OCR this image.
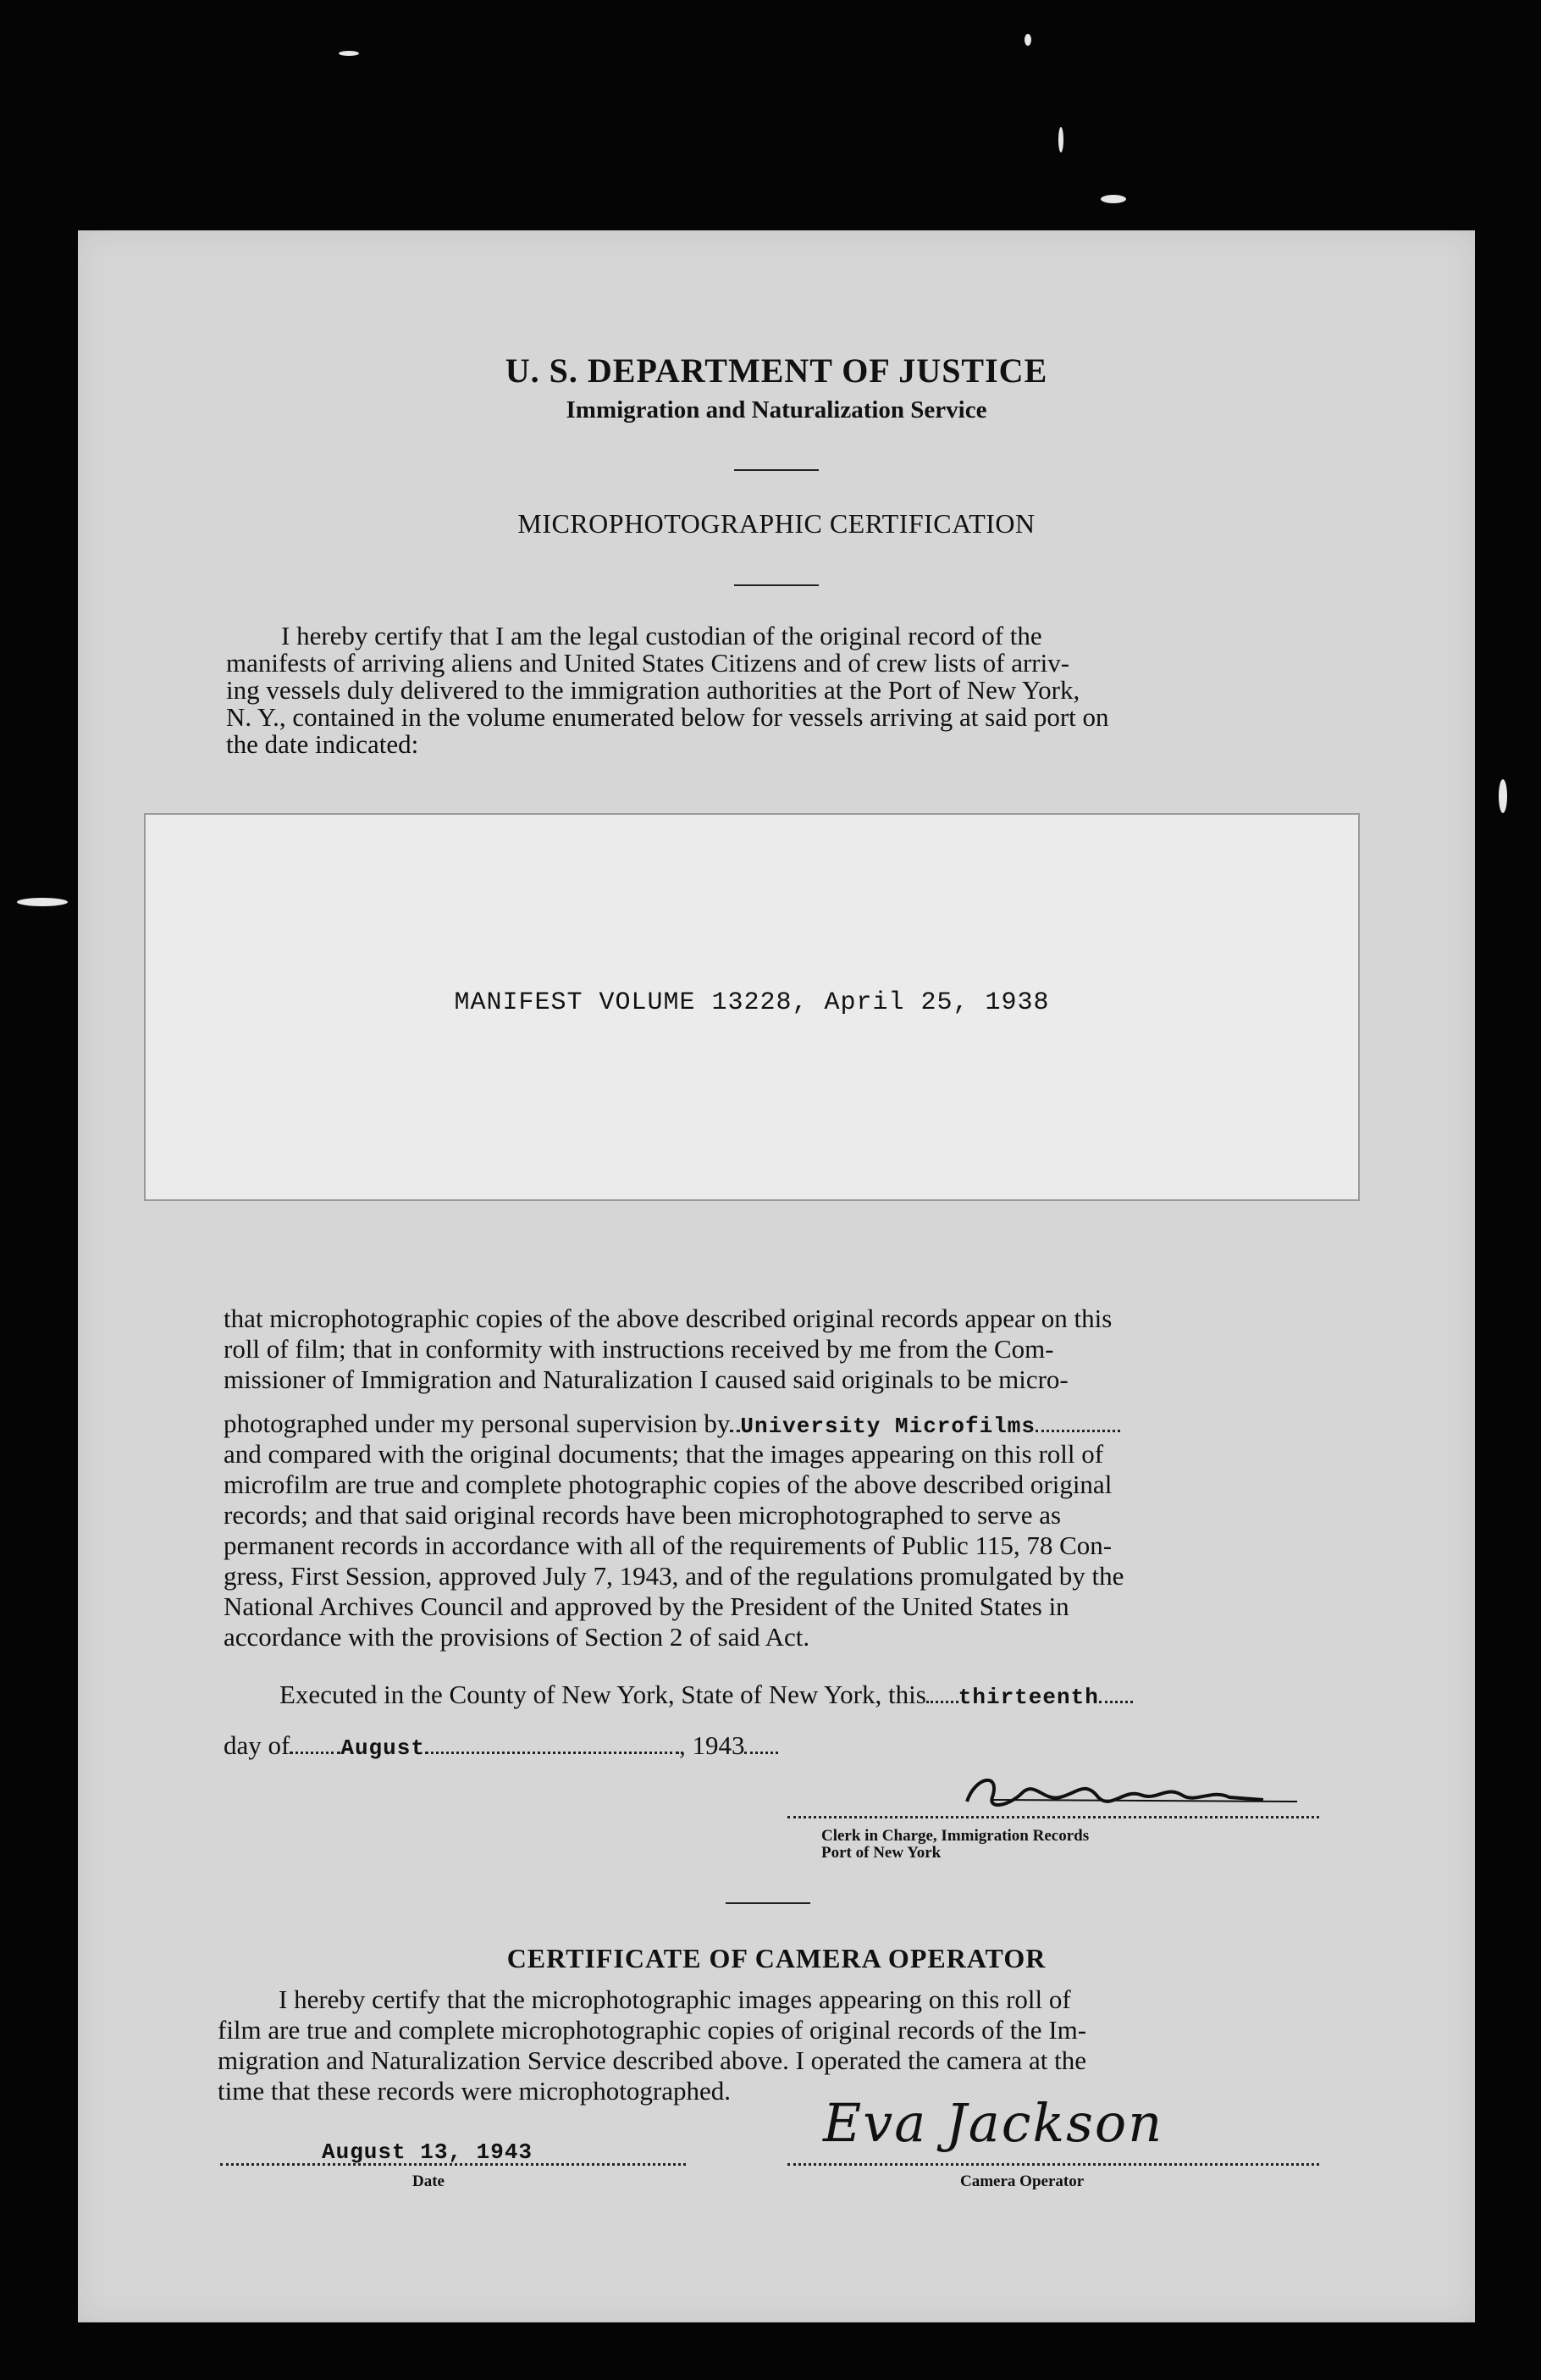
U. S. DEPARTMENT OF JUSTICE
Immigration and Naturalization Service
MICROPHOTOGRAPHIC CERTIFICATION
I hereby certify that I am the legal custodian of the original record of the
manifests of arriving aliens and United States Citizens and of crew lists of arriv-
ing vessels duly delivered to the immigration authorities at the Port of New York,
N. Y., contained in the volume enumerated below for vessels arriving at said port on
the date indicated:
MANIFEST VOLUME 13228, April 25, 1938
that microphotographic copies of the above described original records appear on this
roll of film; that in conformity with instructions received by me from the Com-
missioner of Immigration and Naturalization I caused said originals to be micro-
photographed under my personal supervision by University Microfilms
and compared with the original documents; that the images appearing on this roll of
microfilm are true and complete photographic copies of the above described original
records; and that said original records have been microphotographed to serve as
permanent records in accordance with all of the requirements of Public 115, 78 Con-
gress, First Session, approved July 7, 1943, and of the regulations promulgated by the
National Archives Council and approved by the President of the United States in
accordance with the provisions of Section 2 of said Act.
Executed in the County of New York, State of New York, this thirteenth
day of August	, 1943
Clerk in Charge, Immigration Records
Port of New York
CERTIFICATE OF CAMERA OPERATOR
I hereby certify that the microphotographic images appearing on this roll of
film are true and complete microphotographic copies of original records of the Im-
migration and Naturalization Service described above. I operated the camera at the
time that these records were microphotographed.
August 13, 1943
Date
Eva Jackson
Camera Operator
